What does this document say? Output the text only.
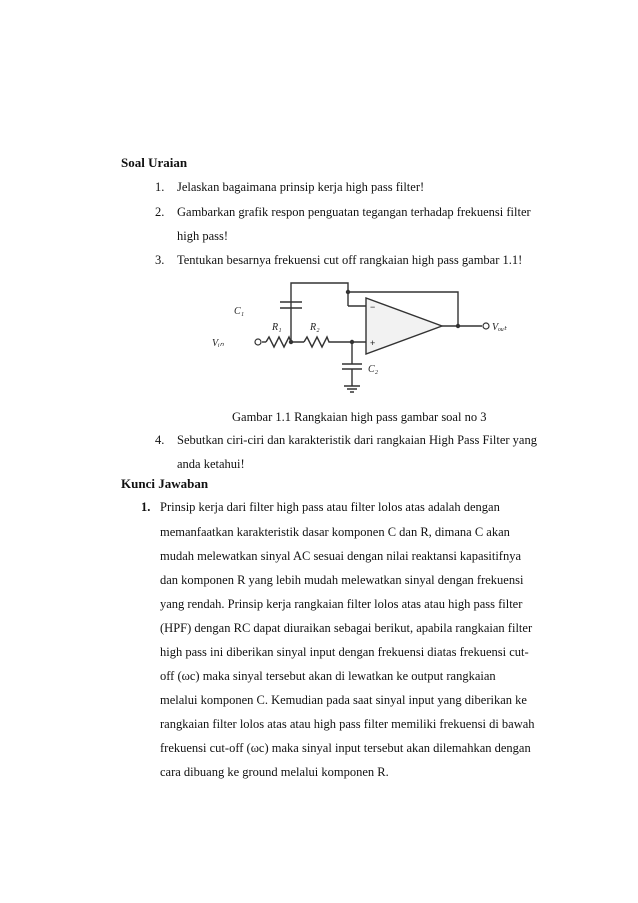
Soal Uraian
1. Jelaskan bagaimana prinsip kerja high pass filter!
2. Gambarkan grafik respon penguatan tegangan terhadap frekuensi filter
high pass!
3. Tentukan besarnya frekuensi cut off rangkaian high pass gambar 1.1!
C₁
R₁	R₂
C₂
Vᵢₙ
Vₒᵤₜ
−
+
Gambar 1.1 Rangkaian high pass gambar soal no 3
4. Sebutkan ciri-ciri dan karakteristik dari rangkaian High Pass Filter yang
anda ketahui!
Kunci Jawaban
1. Prinsip kerja dari filter high pass atau filter lolos atas adalah dengan
memanfaatkan karakteristik dasar komponen C dan R, dimana C akan
mudah melewatkan sinyal AC sesuai dengan nilai reaktansi kapasitifnya
dan komponen R yang lebih mudah melewatkan sinyal dengan frekuensi
yang rendah. Prinsip kerja rangkaian filter lolos atas atau high pass filter
(HPF) dengan RC dapat diuraikan sebagai berikut, apabila rangkaian filter
high pass ini diberikan sinyal input dengan frekuensi diatas frekuensi cut-
off (ωc) maka sinyal tersebut akan di lewatkan ke output rangkaian
melalui komponen C. Kemudian pada saat sinyal input yang diberikan ke
rangkaian filter lolos atas atau high pass filter memiliki frekuensi di bawah
frekuensi cut-off (ωc) maka sinyal input tersebut akan dilemahkan dengan
cara dibuang ke ground melalui komponen R.
